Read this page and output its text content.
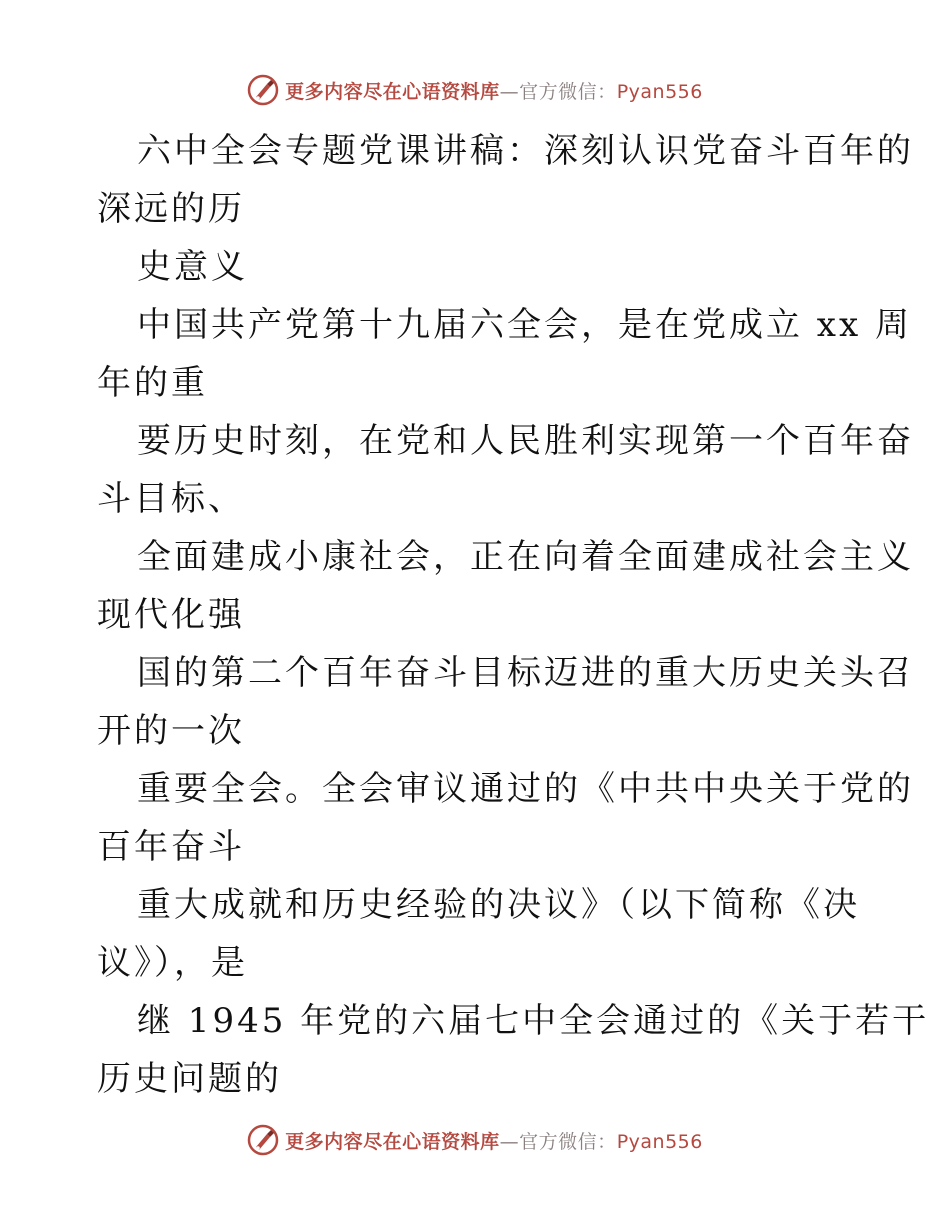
更多内容尽在心语资料库—官方微信：Pyan556
六中全会专题党课讲稿：深刻认识党奋斗百年的
深远的历
史意义
中国共产党第十九届六全会，是在党成立 xx 周
年的重
要历史时刻，在党和人民胜利实现第一个百年奋
斗目标、
全面建成小康社会，正在向着全面建成社会主义
现代化强
国的第二个百年奋斗目标迈进的重大历史关头召
开的一次
重要全会。全会审议通过的《中共中央关于党的
百年奋斗
重大成就和历史经验的决议》（以下简称《决
议》），是
继 1945 年党的六届七中全会通过的《关于若干
历史问题的
更多内容尽在心语资料库—官方微信：Pyan556
